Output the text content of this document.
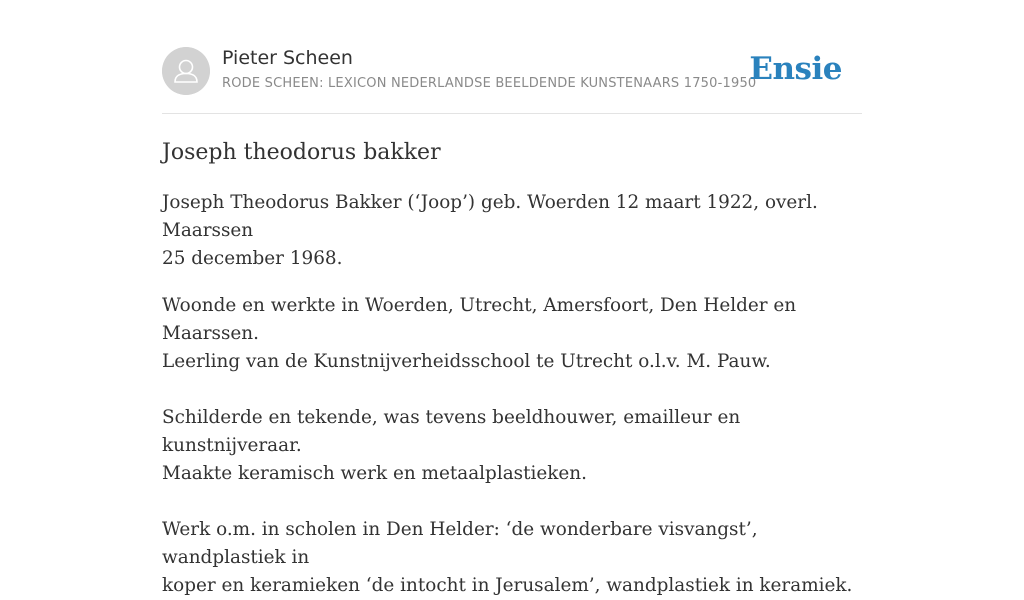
Pieter Scheen
RODE SCHEEN: LEXICON NEDERLANDSE BEELDENDE KUNSTENAARS 1750-1950
Ensie
Joseph theodorus bakker
Joseph Theodorus Bakker (‘Joop’) geb. Woerden 12 maart 1922, overl. Maarssen
25 december 1968.
Woonde en werkte in Woerden, Utrecht, Amersfoort, Den Helder en Maarssen.
Leerling van de Kunstnijverheidsschool te Utrecht o.l.v. M. Pauw.
Schilderde en tekende, was tevens beeldhouwer, emailleur en kunstnijveraar.
Maakte keramisch werk en metaalplastieken.
Werk o.m. in scholen in Den Helder: ‘de wonderbare visvangst’, wandplastiek in
koper en keramieken ‘de intocht in Jerusalem’, wandplastiek in keramiek.
